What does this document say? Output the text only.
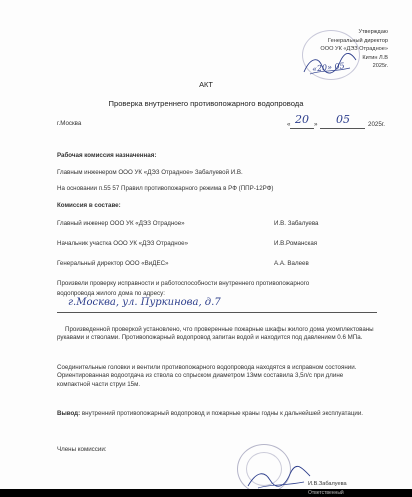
Утверждаю
Генеральный директор
ООО УК «ДЭЗ Отрадное»
Китин Л.В
2025г.
«20» 05
АКТ
Проверка внутреннего противопожарного водопровода
г.Москва	« 20 » 05	2025г.
Рабочая комиссия назначенная:
Главным инженером ООО УК «ДЭЗ Отрадное» Забалуевой И.В.
На основании п.55 57 Правил противопожарного режима в РФ (ППР-12РФ)
Комиссия в составе:
Главный инженер ООО УК «ДЭЗ Отрадное»	И.В. Забалуева
Начальник участка ООО УК «ДЭЗ Отрадное»	И.В.Романская
Генеральный директор ООО «ВиДЕС»	А.А. Валеев
Произвели проверку исправности и работоспособности внутреннего противопожарного
водопровода жилого дома по адресу:
г.Москва, ул. Пуркинова, д.7
Произведенной проверкой установлено, что проверенные пожарные шкафы жилого дома укомплектованы рукавами и стволами. Противопожарный водопровод запитан водой и находится под давлением 0.6 МПа.
Соединительные головки и вентили противопожарного водопровода находятся в исправном состоянии. Ориентированная водоотдача из ствола со спрыском диаметром 13мм составила 3,5л/с при длине компактной части струи 15м.
Вывод: внутренний противопожарный водопровод и пожарные краны годны к дальнейшей эксплуатации.
Члены комиссии:
И.В.Забалуева
Ответственный
